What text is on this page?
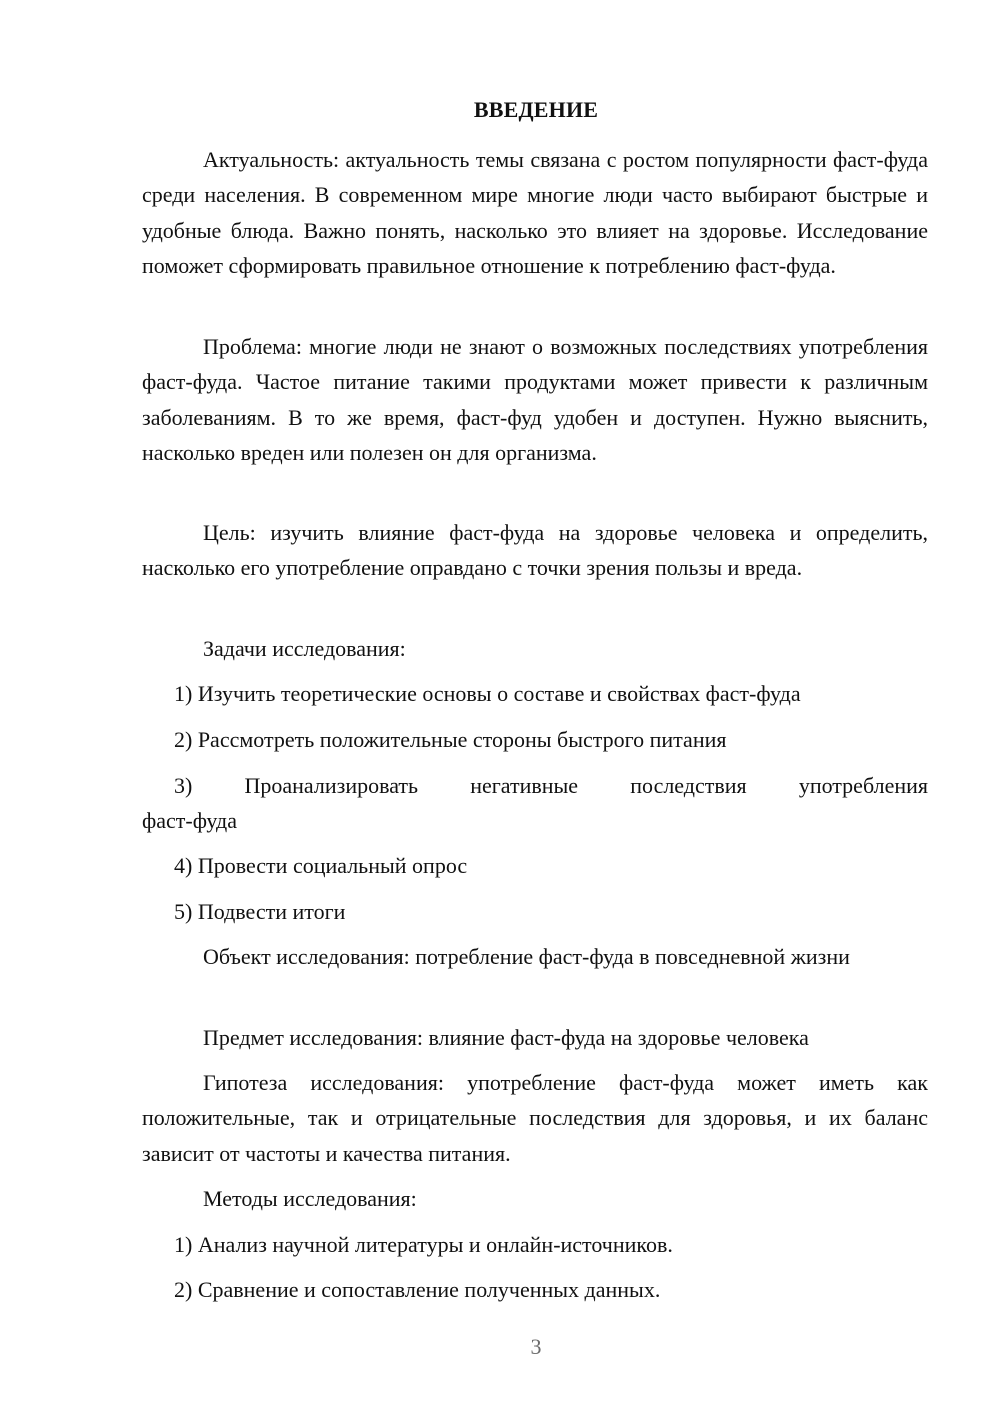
ВВЕДЕНИЕ

Актуальность: актуальность темы связана с ростом популярности фаст-фуда среди населения. В современном мире многие люди часто выбирают быстрые и удобные блюда. Важно понять, насколько это влияет на здоровье. Исследование поможет сформировать правильное отношение к потреблению фаст-фуда.

Проблема: многие люди не знают о возможных последствиях употребления фаст-фуда. Частое питание такими продуктами может привести к различным заболеваниям. В то же время, фаст-фуд удобен и доступен. Нужно выяснить, насколько вреден или полезен он для организма.

Цель: изучить влияние фаст-фуда на здоровье человека и определить, насколько его употребление оправдано с точки зрения пользы и вреда.

Задачи исследования:

1) Изучить теоретические основы о составе и свойствах фаст-фуда

2) Рассмотреть положительные стороны быстрого питания

3) Проанализировать негативные последствия употребления фаст-фуда

4) Провести социальный опрос

5) Подвести итоги

Объект исследования: потребление фаст-фуда в повседневной жизни

Предмет исследования: влияние фаст-фуда на здоровье человека

Гипотеза исследования: употребление фаст-фуда может иметь как положительные, так и отрицательные последствия для здоровья, и их баланс зависит от частоты и качества питания.

Методы исследования:

1) Анализ научной литературы и онлайн-источников.

2) Сравнение и сопоставление полученных данных.

3
